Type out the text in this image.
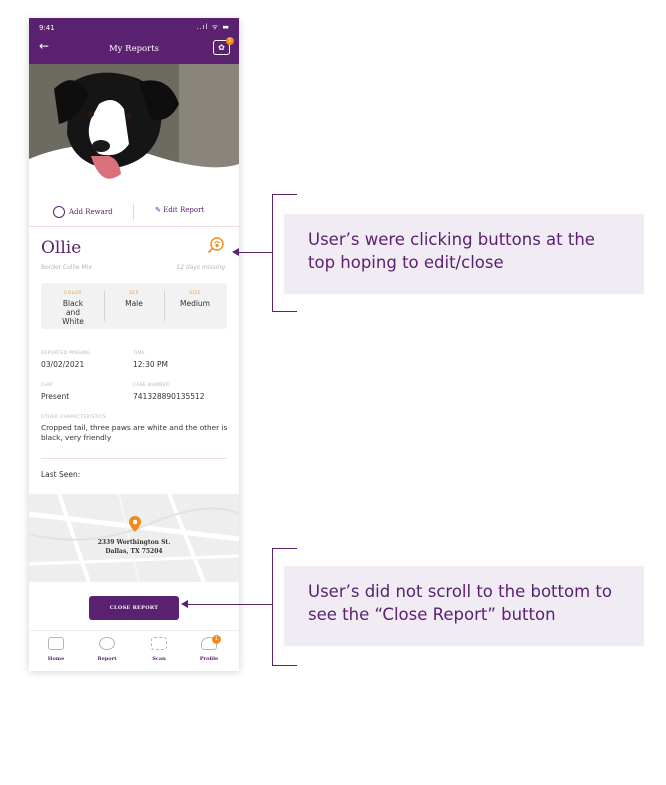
9:41	..ıl ᯤ ▬
←	My Reports	✿
1
●○○
Add Reward	✎ Edit Report
Ollie
Border Collie Mix	12 days missing
COLOR
Black and White
SEX
Male
SIZE
Medium
REPORTED MISSING
03/02/2021
TIME
12:30 PM
CHIP
Present
CASE NUMBER
741328890135512
OTHER CHARACTERISTICS
Cropped tail, three paws are white and the other is black, very friendly
Last Seen:
2339 Worthington St.
Dallas, TX 75204
CLOSE REPORT
Home	Report	Scan
1
Profile
User’s were clicking buttons at the top hoping to edit/close
User’s did not scroll to the bottom to see the “Close Report” button
